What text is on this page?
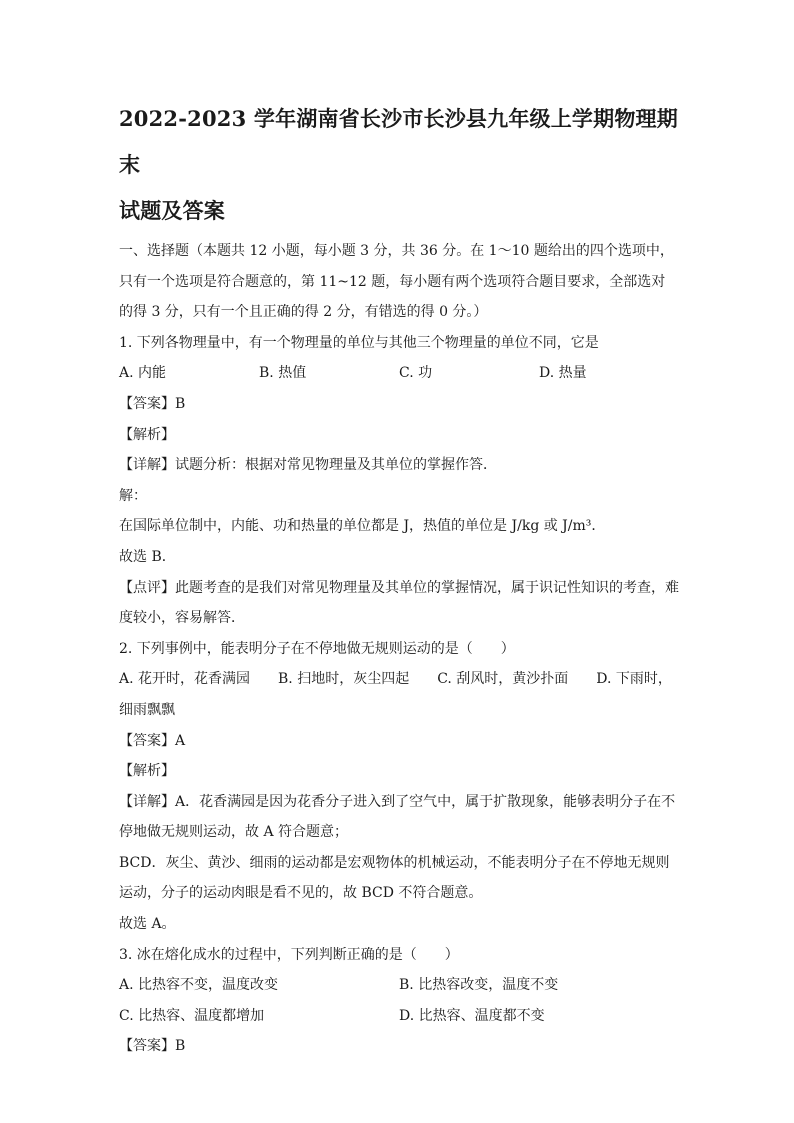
2022-2023 学年湖南省长沙市长沙县九年级上学期物理期末
试题及答案

一、选择题（本题共 12 小题，每小题 3 分，共 36 分。在 1～10 题给出的四个选项中，只有一个选项是符合题意的，第 11~12 题，每小题有两个选项符合题目要求，全部选对的得 3 分，只有一个且正确的得 2 分，有错选的得 0 分。）

1. 下列各物理量中，有一个物理量的单位与其他三个物理量的单位不同，它是

A. 内能	B. 热值	C. 功	D. 热量

【答案】B

【解析】

【详解】试题分析：根据对常见物理量及其单位的掌握作答．

解：

在国际单位制中，内能、功和热量的单位都是 J，热值的单位是 J/kg 或 J/m³．

故选 B．

【点评】此题考查的是我们对常见物理量及其单位的掌握情况，属于识记性知识的考查，难度较小，容易解答．

2. 下列事例中，能表明分子在不停地做无规则运动的是（　　）

A. 花开时，花香满园　　B. 扫地时，灰尘四起　　C. 刮风时，黄沙扑面　　D. 下雨时，细雨飘飘

【答案】A

【解析】

【详解】A．花香满园是因为花香分子进入到了空气中，属于扩散现象，能够表明分子在不停地做无规则运动，故 A 符合题意；

BCD．灰尘、黄沙、细雨的运动都是宏观物体的机械运动，不能表明分子在不停地无规则运动，分子的运动肉眼是看不见的，故 BCD 不符合题意。

故选 A。

3. 冰在熔化成水的过程中，下列判断正确的是（　　）

A. 比热容不变，温度改变	B. 比热容改变，温度不变
C. 比热容、温度都增加	D. 比热容、温度都不变

【答案】B
